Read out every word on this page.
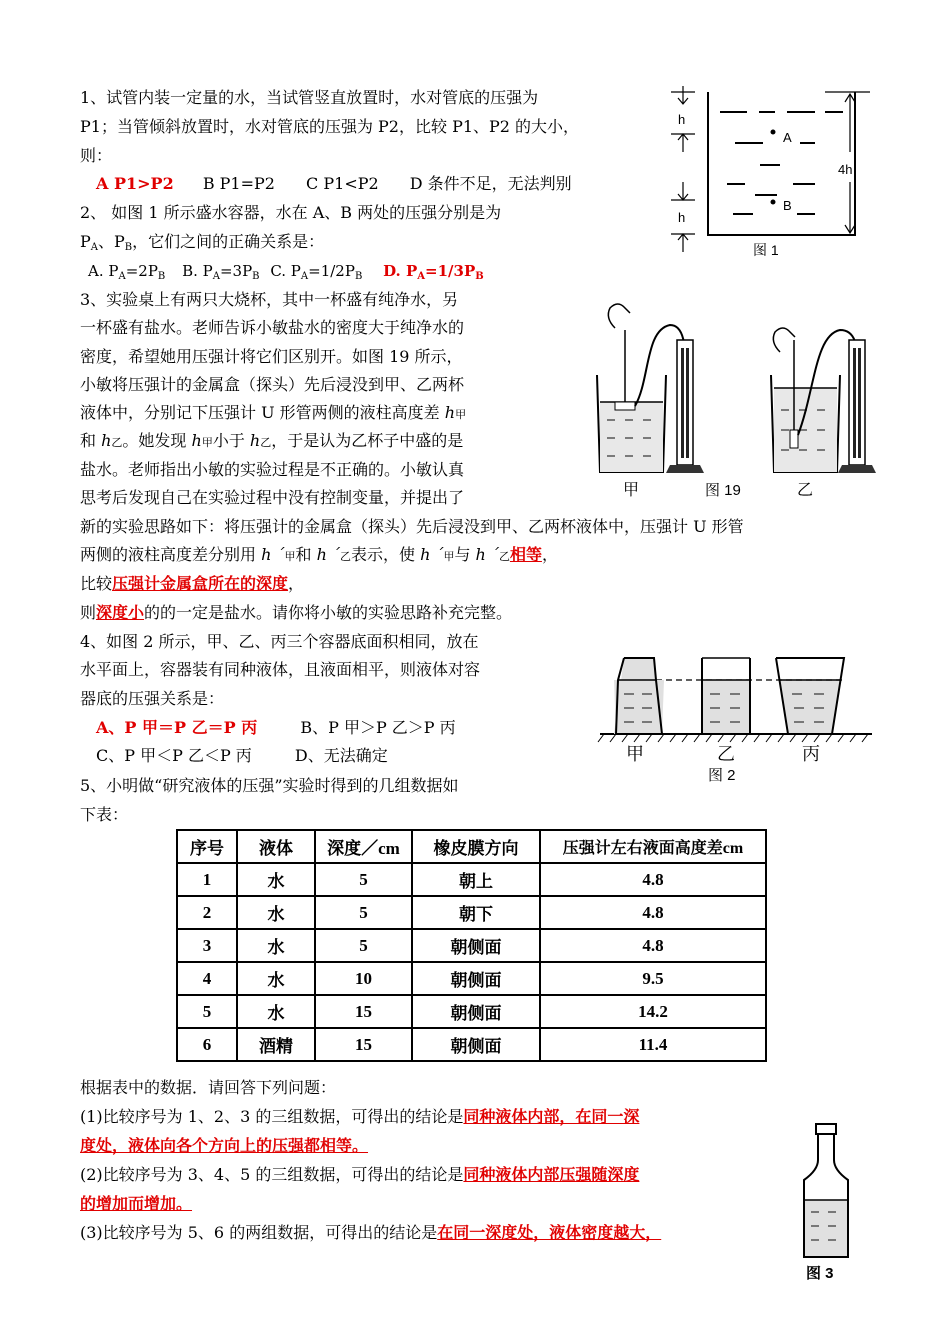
1、试管内装一定量的水，当试管竖直放置时，水对管底的压强为
P1；当管倾斜放置时，水对管底的压强为 P2，比较 P1、P2 的大小，
则：
A P1>P2 B P1=P2 C P1<P2 D 条件不足，无法判别
2、 如图 1 所示盛水容器，水在 A、B 两处的压强分别是为
$P_A$、$P_B$，它们之间的正确关系是：
A. $P_A=2P_B$ B. $P_A=3P_B$ C. $P_A=1/2P_B$ D. $P_A=1/3P_B$
A
B
h
h
4h
图 1
3、实验桌上有两只大烧杯，其中一杯盛有纯净水，另
一杯盛有盐水。老师告诉小敏盐水的密度大于纯净水的
密度，希望她用压强计将它们区别开。如图 19 所示，
小敏将压强计的金属盒（探头）先后浸没到甲、乙两杯
液体中，分别记下压强计 U 形管两侧的液柱高度差 h甲
和 h乙。她发现 h甲小于 h乙，于是认为乙杯子中盛的是
盐水。老师指出小敏的实验过程是不正确的。小敏认真
思考后发现自己在实验过程中没有控制变量，并提出了
新的实验思路如下：将压强计的金属盒（探头）先后浸没到甲、乙两杯液体中，压强计 U 形管
两侧的液柱高度差分别用 h ´甲和 h ´乙表示，使 h ´甲与 h ´乙相等，
比较压强计金属盒所在的深度，
则深度小的的一定是盐水。请你将小敏的实验思路补充完整。
甲	图 19	乙
4、如图 2 所示，甲、乙、丙三个容器底面积相同，放在
水平面上，容器装有同种液体，且液面相平，则液体对容
器底的压强关系是：
A、P 甲＝P 乙＝P 丙	B、P 甲＞P 乙＞P 丙
C、P 甲＜P 乙＜P 丙	D、无法确定	甲	乙	丙
图 2
5、小明做“研究液体的压强”实验时得到的几组数据如
下表：
序号	液体	深度／cm	橡皮膜方向	压强计左右液面高度差cm
1	水	5	朝上	4.8
2	水	5	朝下	4.8
3	水	5	朝侧面	4.8
4	水	10	朝侧面	9.5
5	水	15	朝侧面	14.2
6	酒精	15	朝侧面	11.4
根据表中的数据．请回答下列问题：
(1)比较序号为 1、2、3 的三组数据，可得出的结论是同种液体内部，在同一深
度处，液体向各个方向上的压强都相等。
(2)比较序号为 3、4、5 的三组数据，可得出的结论是同种液体内部压强随深度
的增加而增加。
(3)比较序号为 5、6 的两组数据，可得出的结论是在同一深度处，液体密度越大，
图 3
